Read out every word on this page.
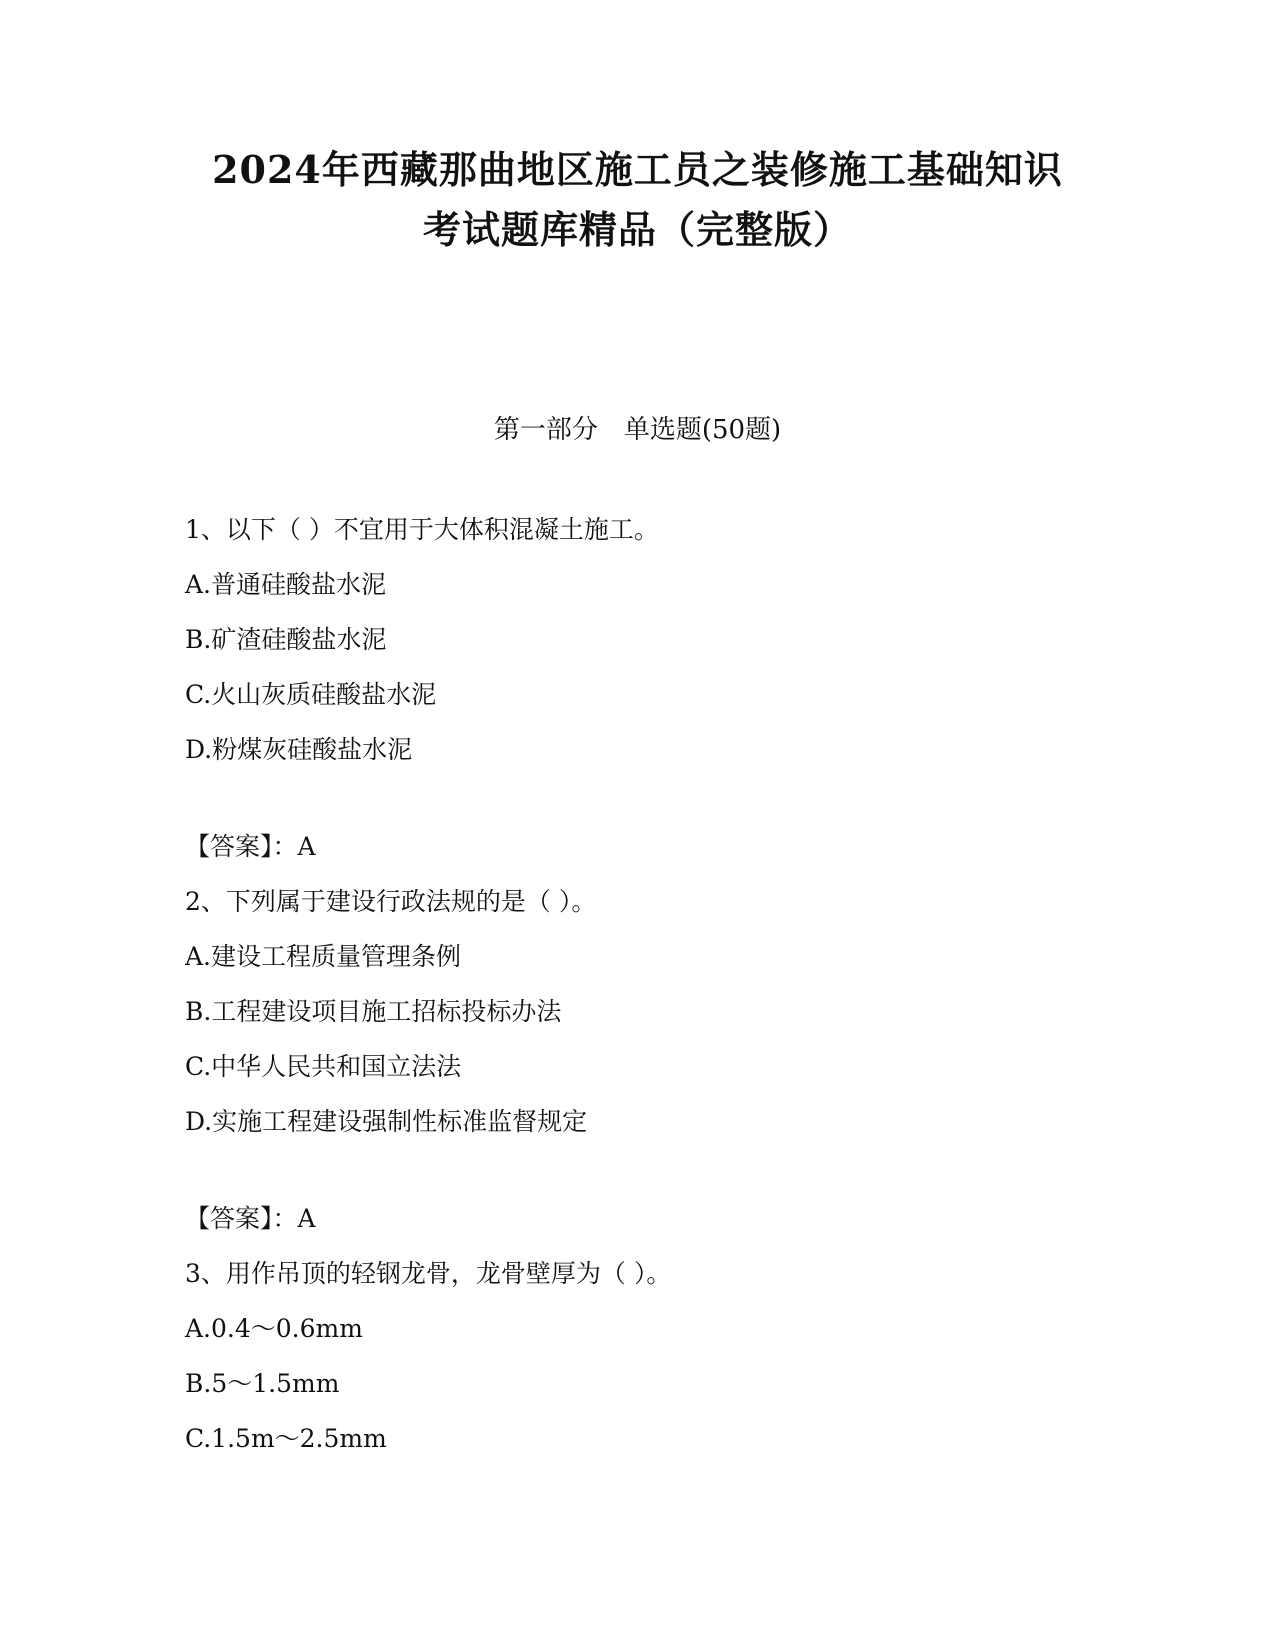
2024年西藏那曲地区施工员之装修施工基础知识
考试题库精品（完整版）
第一部分　单选题(50题)
1、以下（ ）不宜用于大体积混凝土施工。
A.普通硅酸盐水泥
B.矿渣硅酸盐水泥
C.火山灰质硅酸盐水泥
D.粉煤灰硅酸盐水泥
【答案】：A
2、下列属于建设行政法规的是（ ）。
A.建设工程质量管理条例
B.工程建设项目施工招标投标办法
C.中华人民共和国立法法
D.实施工程建设强制性标准监督规定
【答案】：A
3、用作吊顶的轻钢龙骨，龙骨壁厚为（ ）。
A.0.4～0.6mm
B.5～1.5mm
C.1.5m～2.5mm
